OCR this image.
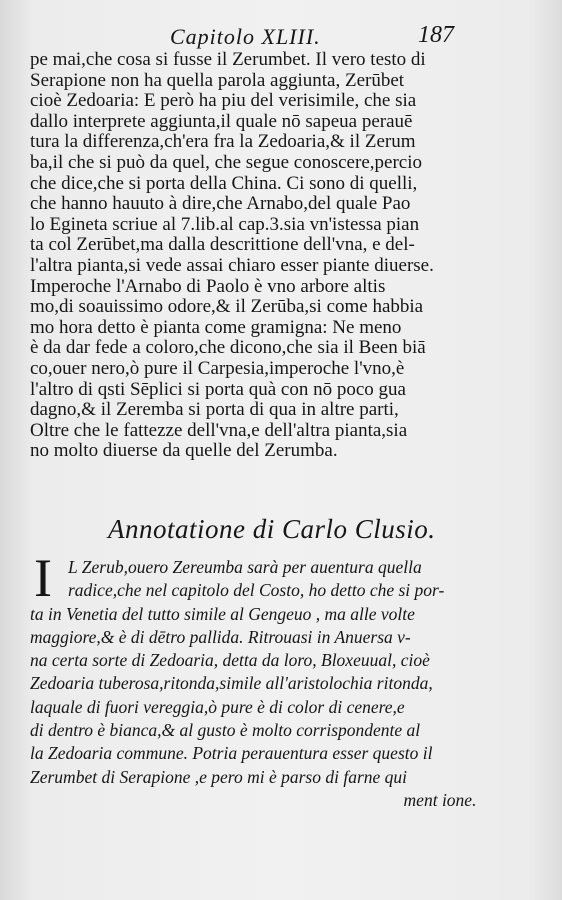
Capitolo XLIII.	187
pe mai,che cosa si fusse il Zerumbet. Il vero testo di
Serapione non ha quella parola aggiunta, Zerūbet
cioè Zedoaria: E però ha piu del verisimile, che sia
dallo interprete aggiunta,il quale nō sapeua perauē
tura la differenza,ch'era fra la Zedoaria,& il Zerum
ba,il che si può da quel, che segue conoscere,percio
che dice,che si porta della China. Ci sono di quelli,
che hanno hauuto à dire,che Arnabo,del quale Pao
lo Egineta scriue al 7.lib.al cap.3.sia vn'istessa pian
ta col Zerūbet,ma dalla descrittione dell'vna, e del-
l'altra pianta,si vede assai chiaro esser piante diuerse.
Imperoche l'Arnabo di Paolo è vno arbore altis
mo,di soauissimo odore,& il Zerūba,si come habbia
mo hora detto è pianta come gramigna: Ne meno
è da dar fede a coloro,che dicono,che sia il Been biā
co,ouer nero,ò pure il Carpesia,imperoche l'vno,è
l'altro di qsti Sēplici si porta quà con nō poco gua
dagno,& il Zeremba si porta di qua in altre parti,
Oltre che le fattezze dell'vna,e dell'altra pianta,sia
no molto diuerse da quelle del Zerumba.
Annotatione di Carlo Clusio.
I L Zerub,ouero Zereumba sarà per auentura quella
radice,che nel capitolo del Costo, ho detto che si por-
ta in Venetia del tutto simile al Gengeuo , ma alle volte
maggiore,& è di dētro pallida. Ritrouasi in Anuersa v-
na certa sorte di Zedoaria, detta da loro, Bloxeuual, cioè
Zedoaria tuberosa,ritonda,simile all'aristolochia ritonda,
laquale di fuori vereggia,ò pure è di color di cenere,e
di dentro è bianca,& al gusto è molto corrispondente al
la Zedoaria commune. Potria perauentura esser questo il
Zerumbet di Serapione ,e pero mi è parso di farne qui
ment ione.
